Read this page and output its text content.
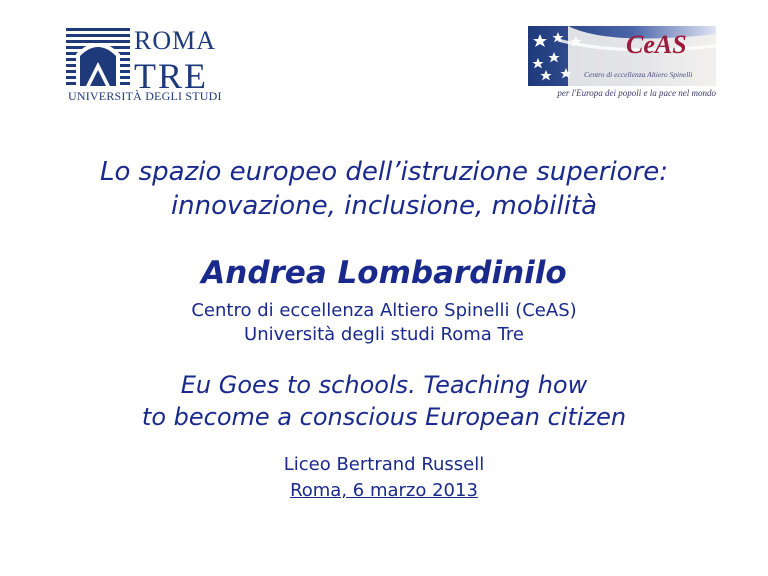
ROMA
TRE
UNIVERSITÀ DEGLI STUDI
CeAS
Centro di eccellenza Altiero Spinelli
per l'Europa dei popoli e la pace nel mondo
Lo spazio europeo dell’istruzione superiore:
innovazione, inclusione, mobilità
Andrea Lombardinilo
Centro di eccellenza Altiero Spinelli (CeAS)
Università degli studi Roma Tre
Eu Goes to schools. Teaching how
to become a conscious European citizen
Liceo Bertrand Russell
Roma, 6 marzo 2013
